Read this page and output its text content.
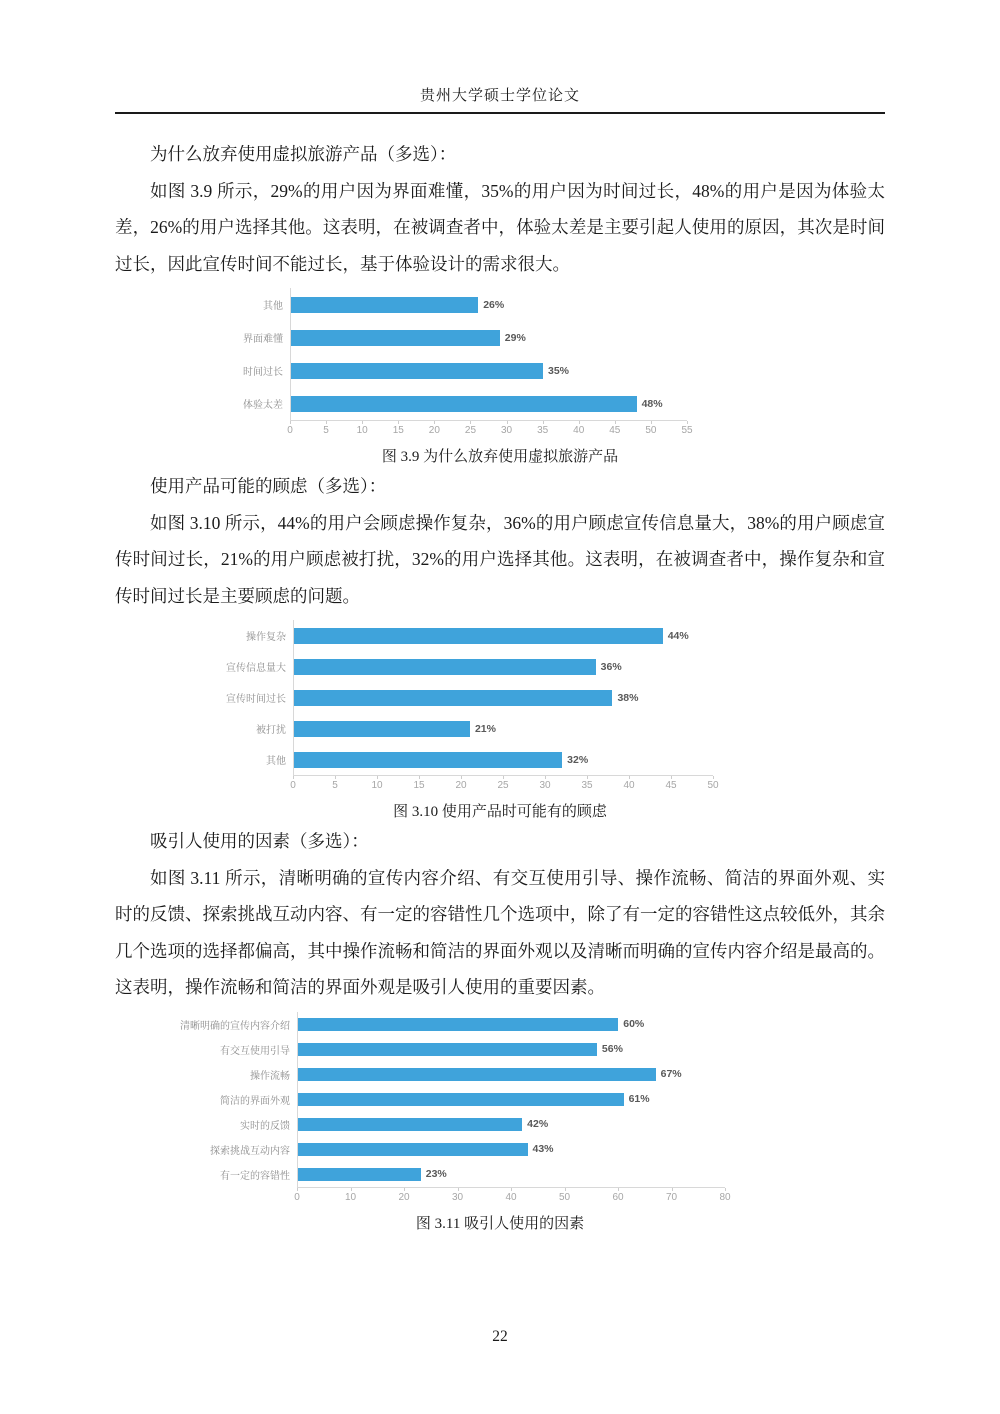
贵州大学硕士学位论文

为什么放弃使用虚拟旅游产品（多选）：

如图 3.9 所示，29%的用户因为界面难懂，35%的用户因为时间过长，48%的用户是因为体验太差，26%的用户选择其他。这表明，在被调查者中，体验太差是主要引起人使用的原因，其次是时间过长，因此宣传时间不能过长，基于体验设计的需求很大。

其他	26%
界面难懂	29%
时间过长	35%
体验太差	48%
0	5	10 15 20 25 30 35 40 45 50 55
图 3.9 为什么放弃使用虚拟旅游产品

使用产品可能的顾虑（多选）：

如图 3.10 所示，44%的用户会顾虑操作复杂，36%的用户顾虑宣传信息量大，38%的用户顾虑宣传时间过长，21%的用户顾虑被打扰，32%的用户选择其他。这表明，在被调查者中，操作复杂和宣传时间过长是主要顾虑的问题。

操作复杂	44%
宣传信息量大	36%
宣传时间过长	38%
被打扰	21%
其他	32%
0	5	10	15	20	25	30	35	40	45	50
图 3.10 使用产品时可能有的顾虑

吸引人使用的因素（多选）：

如图 3.11 所示，清晰明确的宣传内容介绍、有交互使用引导、操作流畅、简洁的界面外观、实时的反馈、探索挑战互动内容、有一定的容错性几个选项中，除了有一定的容错性这点较低外，其余几个选项的选择都偏高，其中操作流畅和简洁的界面外观以及清晰而明确的宣传内容介绍是最高的。这表明，操作流畅和简洁的界面外观是吸引人使用的重要因素。

清晰明确的宣传内容介绍	60%
有交互使用引导	56%
操作流畅	67%
简洁的界面外观	61%
实时的反馈	42%
探索挑战互动内容	43%
有一定的容错性	23%
0	10	20	30	40	50	60	70	80
图 3.11 吸引人使用的因素
22
